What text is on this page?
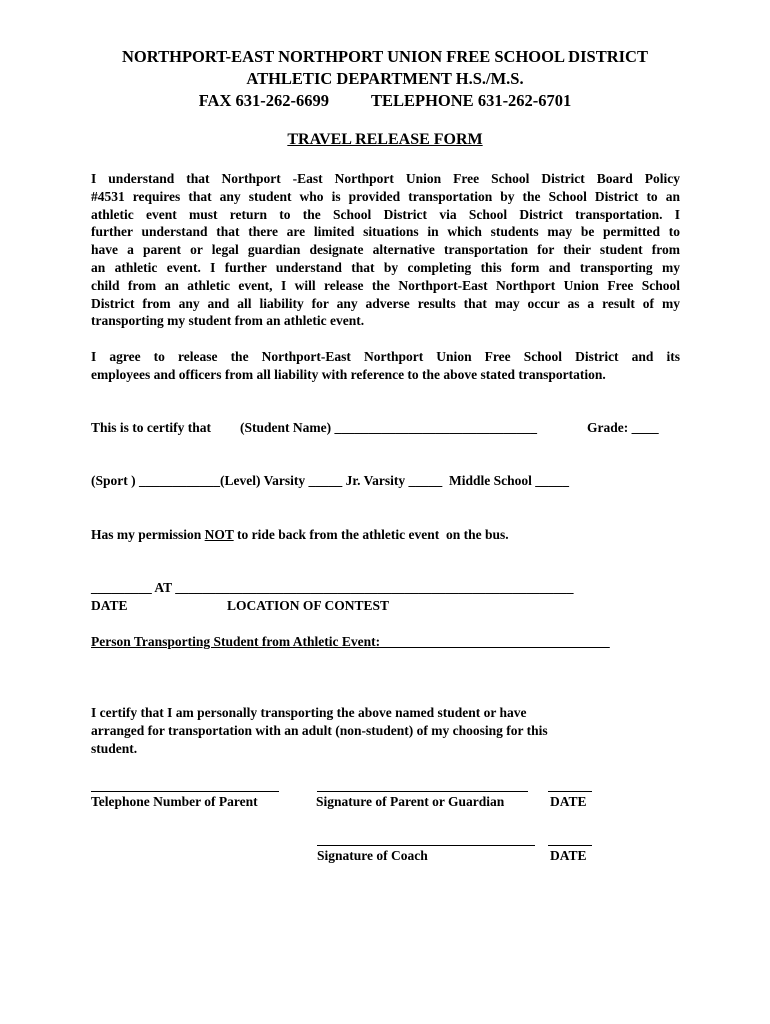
NORTHPORT-EAST NORTHPORT UNION FREE SCHOOL DISTRICT
ATHLETIC DEPARTMENT H.S./M.S.
FAX 631-262-6699	TELEPHONE 631-262-6701
TRAVEL RELEASE FORM
I understand that Northport -East Northport Union Free School District Board Policy
#4531 requires that any student who is provided transportation by the School District to an
athletic event must return to the School District via School District transportation. I
further understand that there are limited situations in which students may be permitted to
have a parent or legal guardian designate alternative transportation for their student from
an athletic event. I further understand that by completing this form and transporting my
child from an athletic event, I will release the Northport-East Northport Union Free School
District from any and all liability for any adverse results that may occur as a result of my
transporting my student from an athletic event.
I agree to release the Northport-East Northport Union Free School District and its
employees and officers from all liability with reference to the above stated transportation.
This is to certify that (Student Name) ______________________________	Grade: ____
(Sport ) ____________(Level) Varsity _____ Jr. Varsity _____ Middle School _____
Has my permission NOT to ride back from the athletic event  on the bus.
_________ AT ___________________________________________________________
DATE	LOCATION OF CONTEST
Person Transporting Student from Athletic Event:__________________________________
I certify that I am personally transporting the above named student or have
arranged for transportation with an adult (non-student) of my choosing for this
student.
Telephone Number of Parent	Signature of Parent or Guardian	DATE
Signature of Coach	DATE
